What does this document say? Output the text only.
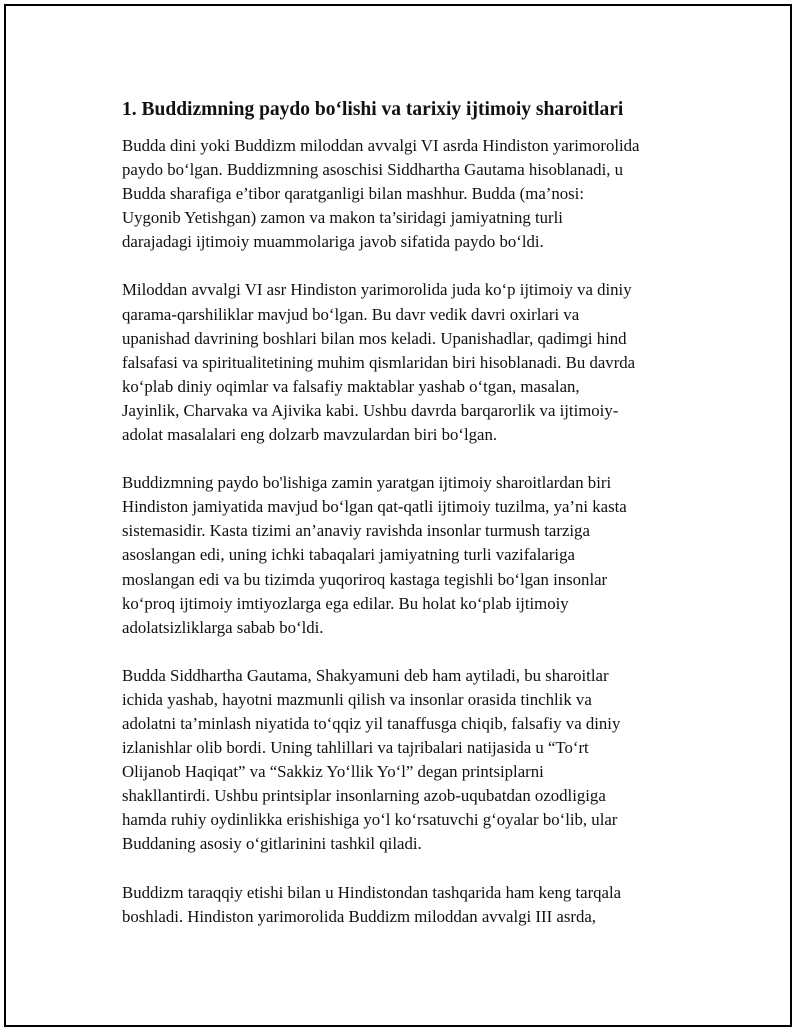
1. Buddizmning paydo bo‘lishi va tarixiy ijtimoiy sharoitlari

Budda dini yoki Buddizm miloddan avvalgi VI asrda Hindiston yarimorolida
paydo bo‘lgan. Buddizmning asoschisi Siddhartha Gautama hisoblanadi, u
Budda sharafiga e’tibor qaratganligi bilan mashhur. Budda (ma’nosi:
Uygonib Yetishgan) zamon va makon ta’siridagi jamiyatning turli
darajadagi ijtimoiy muammolariga javob sifatida paydo bo‘ldi.

Miloddan avvalgi VI asr Hindiston yarimorolida juda ko‘p ijtimoiy va diniy
qarama-qarshiliklar mavjud bo‘lgan. Bu davr vedik davri oxirlari va
upanishad davrining boshlari bilan mos keladi. Upanishadlar, qadimgi hind
falsafasi va spiritualitetining muhim qismlaridan biri hisoblanadi. Bu davrda
ko‘plab diniy oqimlar va falsafiy maktablar yashab o‘tgan, masalan,
Jayinlik, Charvaka va Ajivika kabi. Ushbu davrda barqarorlik va ijtimoiy-
adolat masalalari eng dolzarb mavzulardan biri bo‘lgan.

Buddizmning paydo bo'lishiga zamin yaratgan ijtimoiy sharoitlardan biri
Hindiston jamiyatida mavjud bo‘lgan qat-qatli ijtimoiy tuzilma, ya’ni kasta
sistemasidir. Kasta tizimi an’anaviy ravishda insonlar turmush tarziga
asoslangan edi, uning ichki tabaqalari jamiyatning turli vazifalariga
moslangan edi va bu tizimda yuqoriroq kastaga tegishli bo‘lgan insonlar
ko‘proq ijtimoiy imtiyozlarga ega edilar. Bu holat ko‘plab ijtimoiy
adolatsizliklarga sabab bo‘ldi.

Budda Siddhartha Gautama, Shakyamuni deb ham aytiladi, bu sharoitlar
ichida yashab, hayotni mazmunli qilish va insonlar orasida tinchlik va
adolatni ta’minlash niyatida to‘qqiz yil tanaffusga chiqib, falsafiy va diniy
izlanishlar olib bordi. Uning tahlillari va tajribalari natijasida u “To‘rt
Olijanob Haqiqat” va “Sakkiz Yo‘llik Yo‘l” degan printsiplarni
shakllantirdi. Ushbu printsiplar insonlarning azob-uqubatdan ozodligiga
hamda ruhiy oydinlikka erishishiga yo‘l ko‘rsatuvchi g‘oyalar bo‘lib, ular
Buddaning asosiy o‘gitlarinini tashkil qiladi.

Buddizm taraqqiy etishi bilan u Hindistondan tashqarida ham keng tarqala
boshladi. Hindiston yarimorolida Buddizm miloddan avvalgi III asrda,
